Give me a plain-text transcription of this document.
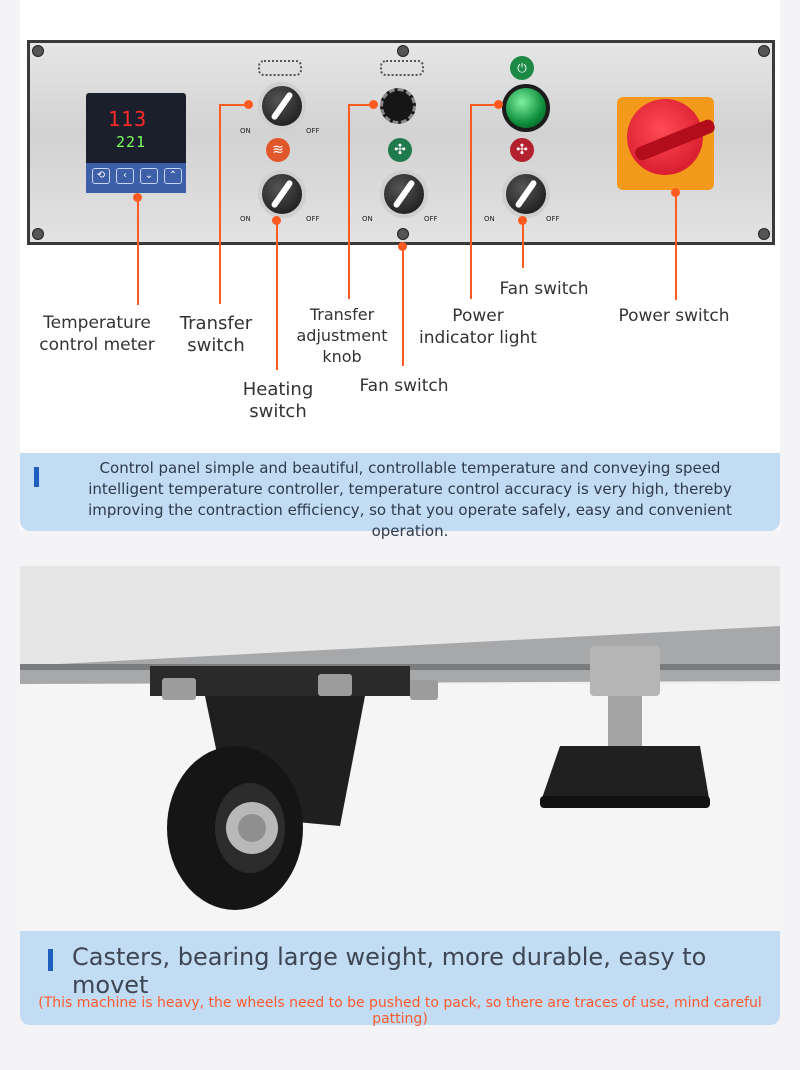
113
221
⟲	‹	⌄	⌃
ON	OFF
≋
ON	OFF
✣
ON	OFF
⏻
✣
ON	OFF
Temperature
control meter
Transfer
switch
Heating
switch
Transfer
adjustment
knob
Fan switch
Power
indicator light
Fan switch
Power switch
Control panel simple and beautiful, controllable temperature and conveying speed intelligent temperature controller, temperature control accuracy is very high, thereby improving the contraction efficiency, so that you operate safely, easy and convenient operation.
Casters, bearing large weight, more durable, easy to movet
(This machine is heavy, the wheels need to be pushed to pack, so there are traces of use, mind careful patting)
